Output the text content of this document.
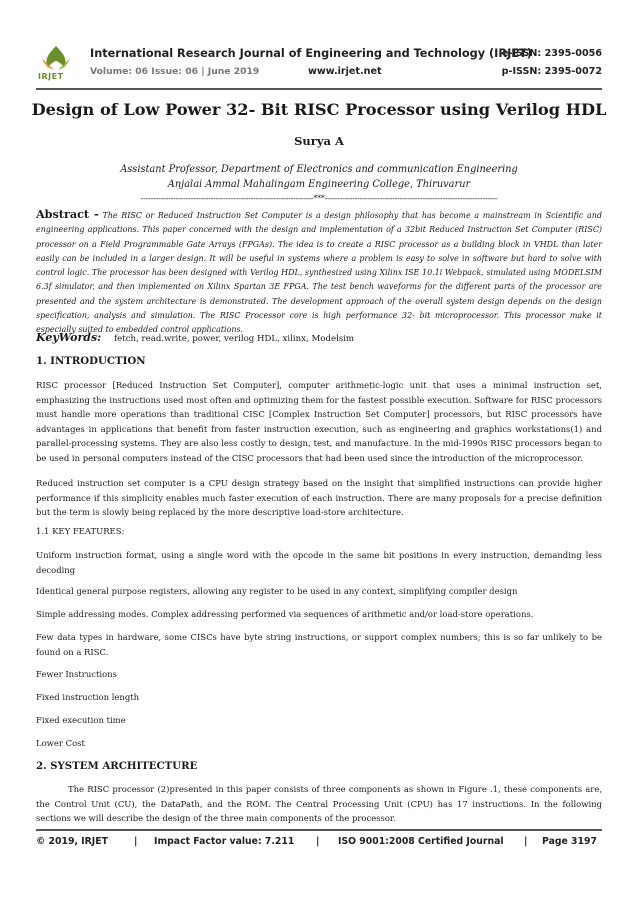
IRJET
International Research Journal of Engineering and Technology (IRJET)
e-ISSN: 2395-0056
Volume: 06 Issue: 06 | June 2019	www.irjet.net	p-ISSN: 2395-0072
Design of Low Power 32- Bit RISC Processor using Verilog HDL
Surya A
Assistant Professor, Department of Electronics and communication Engineering
Anjalai Ammal Mahalingam Engineering College, Thiruvarur
---------------------------------------------------------------------***---------------------------------------------------------------------
Abstract - The RISC or Reduced Instruction Set Computer is a design philosophy that has become a mainstream in Scientific and engineering applications. This paper concerned with the design and implementation of a 32bit Reduced Instruction Set Computer (RISC) processor on a Field Programmable Gate Arrays (FPGAs). The idea is to create a RISC processor as a building block in VHDL than later easily can be included in a larger design. It will be useful in systems where a problem is easy to solve in software but hard to solve with control logic. The processor has been designed with Verilog HDL, synthesized using Xilinx ISE 10.1i Webpack, simulated using MODELSIM 6.3f simulator, and then implemented on Xilinx Spartan 3E FPGA. The test bench waveforms for the different parts of the processor are presented and the system architecture is demonstrated. The development approach of the overall system design depends on the design specification, analysis and simulation. The RISC Processor core is high performance 32- bit microprocessor. This processor make it especially suited to embedded control applications.
KeyWords: fetch, read.write, power, verilog HDL, xilinx, Modelsim
1. INTRODUCTION
RISC processor [Reduced Instruction Set Computer], computer arithmetic-logic unit that uses a minimal instruction set, emphasizing the instructions used most often and optimizing them for the fastest possible execution. Software for RISC processors must handle more operations than traditional CISC [Complex Instruction Set Computer] processors, but RISC processors have advantages in applications that benefit from faster instruction execution, such as engineering and graphics workstations(1) and parallel-processing systems. They are also less costly to design, test, and manufacture. In the mid-1990s RISC processors began to be used in personal computers instead of the CISC processors that had been used since the introduction of the microprocessor.
Reduced instruction set computer is a CPU design strategy based on the insight that simplified instructions can provide higher performance if this simplicity enables much faster execution of each instruction. There are many proposals for a precise definition but the term is slowly being replaced by the more descriptive load-store architecture.
1.1 KEY FEATURES:
Uniform instruction format, using a single word with the opcode in the same bit positions in every instruction, demanding less decoding
Identical general purpose registers, allowing any register to be used in any context, simplifying compiler design
Simple addressing modes. Complex addressing performed via sequences of arithmetic and/or load-store operations.
Few data types in hardware, some CISCs have byte string instructions, or support complex numbers; this is so far unlikely to be found on a RISC.
Fewer Instructions
Fixed instruction length
Fixed execution time
Lower Cost
2. SYSTEM ARCHITECTURE
The RISC processor (2)presented in this paper consists of three components as shown in Figure .1, these components are, the Control Unit (CU), the DataPath, and the ROM. The Central Processing Unit (CPU) has 17 instructions. In the following sections we will describe the design of the three main components of the processor.
© 2019, IRJET	| Impact Factor value: 7.211 | ISO 9001:2008 Certified Journal | Page 3197
